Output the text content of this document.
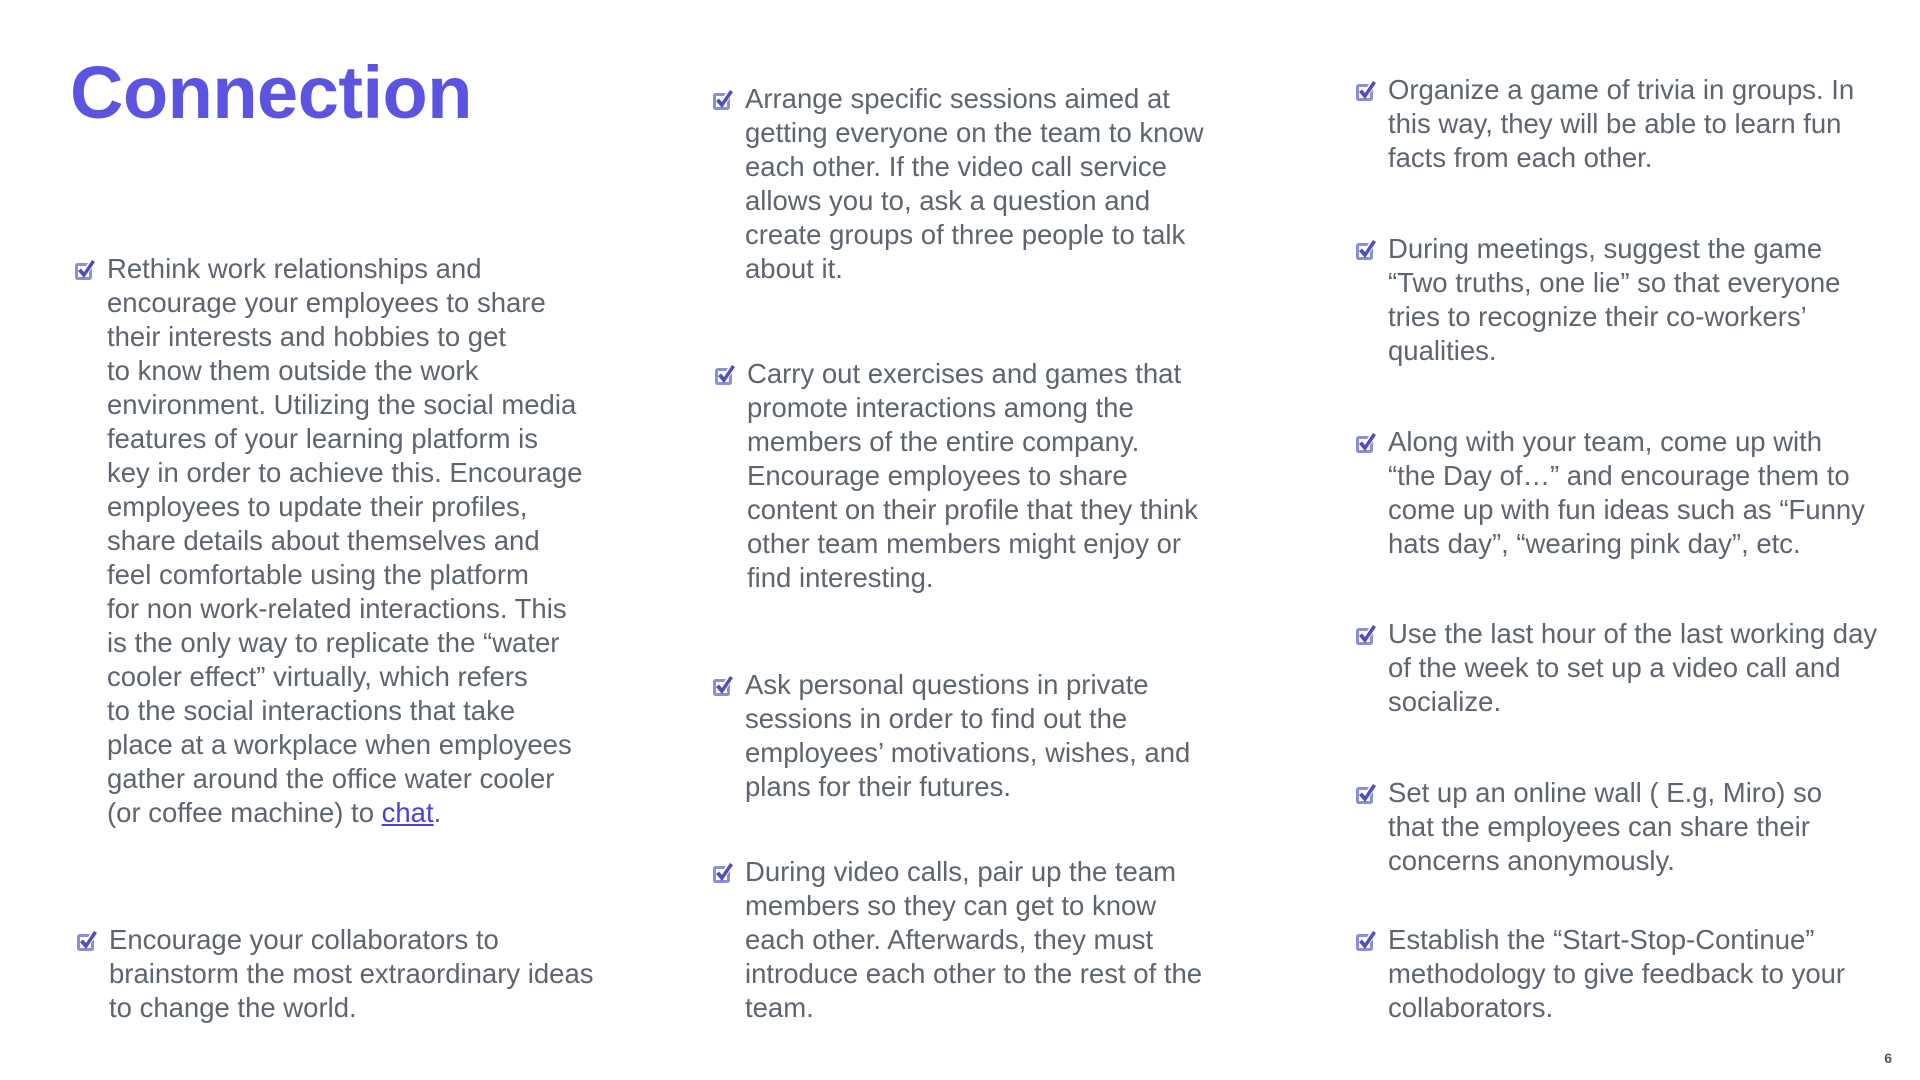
Connection
Rethink work relationships and
encourage your employees to share
their interests and hobbies to get
to know them outside the work
environment. Utilizing the social media
features of your learning platform is
key in order to achieve this. Encourage
employees to update their profiles,
share details about themselves and
feel comfortable using the platform
for non work-related interactions. This
is the only way to replicate the “water
cooler effect” virtually, which refers
to the social interactions that take
place at a workplace when employees
gather around the office water cooler
(or coffee machine) to chat.
Encourage your collaborators to
brainstorm the most extraordinary ideas
to change the world.
Arrange specific sessions aimed at
getting everyone on the team to know
each other. If the video call service
allows you to, ask a question and
create groups of three people to talk
about it.
Carry out exercises and games that
promote interactions among the
members of the entire company.
Encourage employees to share
content on their profile that they think
other team members might enjoy or
find interesting.
Ask personal questions in private
sessions in order to find out the
employees’ motivations, wishes, and
plans for their futures.
During video calls, pair up the team
members so they can get to know
each other. Afterwards, they must
introduce each other to the rest of the
team.
Organize a game of trivia in groups. In
this way, they will be able to learn fun
facts from each other.
During meetings, suggest the game
“Two truths, one lie” so that everyone
tries to recognize their co-workers’
qualities.
Along with your team, come up with
“the Day of…” and encourage them to
come up with fun ideas such as “Funny
hats day”, “wearing pink day”, etc.
Use the last hour of the last working day
of the week to set up a video call and
socialize.
Set up an online wall ( E.g, Miro) so
that the employees can share their
concerns anonymously.
Establish the “Start-Stop-Continue”
methodology to give feedback to your
collaborators.
6
